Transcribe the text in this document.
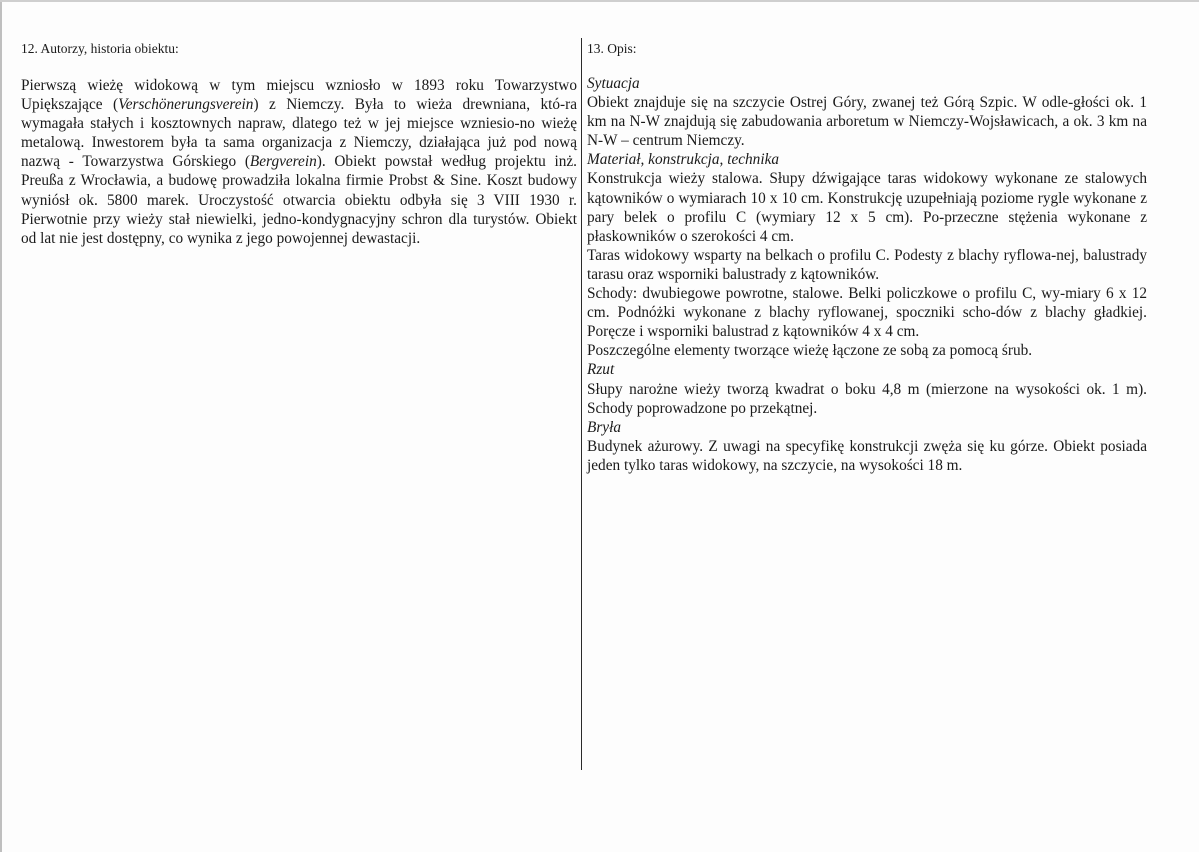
12. Autorzy, historia obiektu:

Pierwszą wieżę widokową w tym miejscu wzniosło w 1893 roku Towarzystwo Upiększające (Verschönerungsverein) z Niemczy. Była to wieża drewniana, któ-ra wymagała stałych i kosztownych napraw, dlatego też w jej miejsce wzniesio-no wieżę metalową. Inwestorem była ta sama organizacja z Niemczy, działająca już pod nową nazwą - Towarzystwa Górskiego (Bergverein). Obiekt powstał według projektu inż. Preußa z Wrocławia, a budowę prowadziła lokalna firmie Probst & Sine. Koszt budowy wyniósł ok. 5800 marek. Uroczystość otwarcia obiektu odbyła się 3 VIII 1930 r. Pierwotnie przy wieży stał niewielki, jedno-kondygnacyjny schron dla turystów. Obiekt od lat nie jest dostępny, co wynika z jego powojennej dewastacji.

13. Opis:

Sytuacja

Obiekt znajduje się na szczycie Ostrej Góry, zwanej też Górą Szpic. W odle-głości ok. 1 km na N-W znajdują się zabudowania arboretum w Niemczy-Wojsławicach, a ok. 3 km na N-W – centrum Niemczy.

Materiał, konstrukcja, technika

Konstrukcja wieży stalowa. Słupy dźwigające taras widokowy wykonane ze stalowych kątowników o wymiarach 10 x 10 cm. Konstrukcję uzupełniają poziome rygle wykonane z pary belek o profilu C (wymiary 12 x 5 cm). Po-przeczne stężenia wykonane z płaskowników o szerokości 4 cm.

Taras widokowy wsparty na belkach o profilu C. Podesty z blachy ryflowa-nej, balustrady tarasu oraz wsporniki balustrady z kątowników.

Schody: dwubiegowe powrotne, stalowe. Belki policzkowe o profilu C, wy-miary 6 x 12 cm. Podnóżki wykonane z blachy ryflowanej, spoczniki scho-dów z blachy gładkiej. Poręcze i wsporniki balustrad z kątowników 4 x 4 cm.

Poszczególne elementy tworzące wieżę łączone ze sobą za pomocą śrub.

Rzut

Słupy narożne wieży tworzą kwadrat o boku 4,8 m (mierzone na wysokości ok. 1 m). Schody poprowadzone po przekątnej.

Bryła

Budynek ażurowy. Z uwagi na specyfikę konstrukcji zwęża się ku górze. Obiekt posiada jeden tylko taras widokowy, na szczycie, na wysokości 18 m.
